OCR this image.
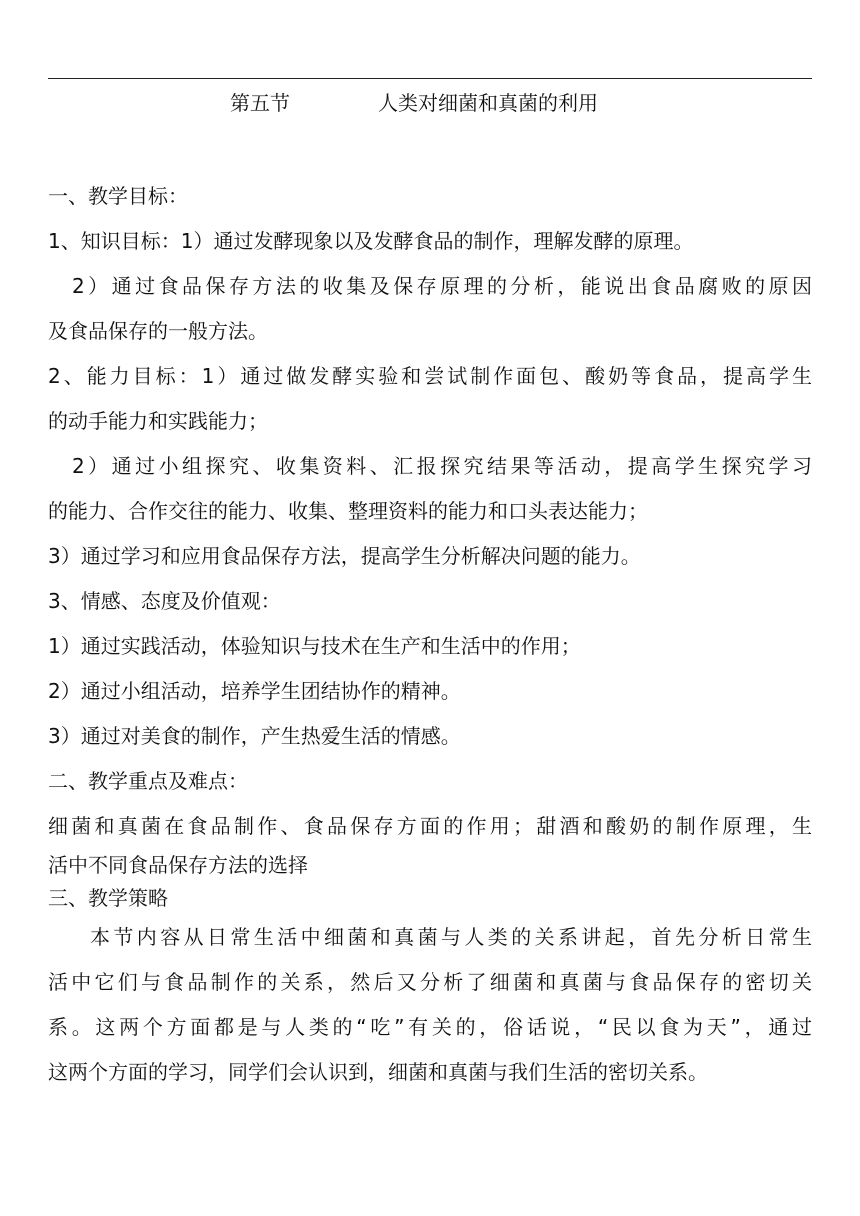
第五节	人类对细菌和真菌的利用
一、教学目标：
1、知识目标：1）通过发酵现象以及发酵食品的制作，理解发酵的原理。
2）通过食品保存方法的收集及保存原理的分析，能说出食品腐败的原因
及食品保存的一般方法。
2、能力目标：1）通过做发酵实验和尝试制作面包、酸奶等食品，提高学生
的动手能力和实践能力；
2）通过小组探究、收集资料、汇报探究结果等活动，提高学生探究学习
的能力、合作交往的能力、收集、整理资料的能力和口头表达能力；
3）通过学习和应用食品保存方法，提高学生分析解决问题的能力。
3、情感、态度及价值观：
1）通过实践活动，体验知识与技术在生产和生活中的作用；
2）通过小组活动，培养学生团结协作的精神。
3）通过对美食的制作，产生热爱生活的情感。
二、教学重点及难点：
细菌和真菌在食品制作、食品保存方面的作用；甜酒和酸奶的制作原理，生
活中不同食品保存方法的选择
三、教学策略
本节内容从日常生活中细菌和真菌与人类的关系讲起，首先分析日常生
活中它们与食品制作的关系，然后又分析了细菌和真菌与食品保存的密切关
系。这两个方面都是与人类的“吃”有关的，俗话说，“民以食为天”，通过
这两个方面的学习，同学们会认识到，细菌和真菌与我们生活的密切关系。
